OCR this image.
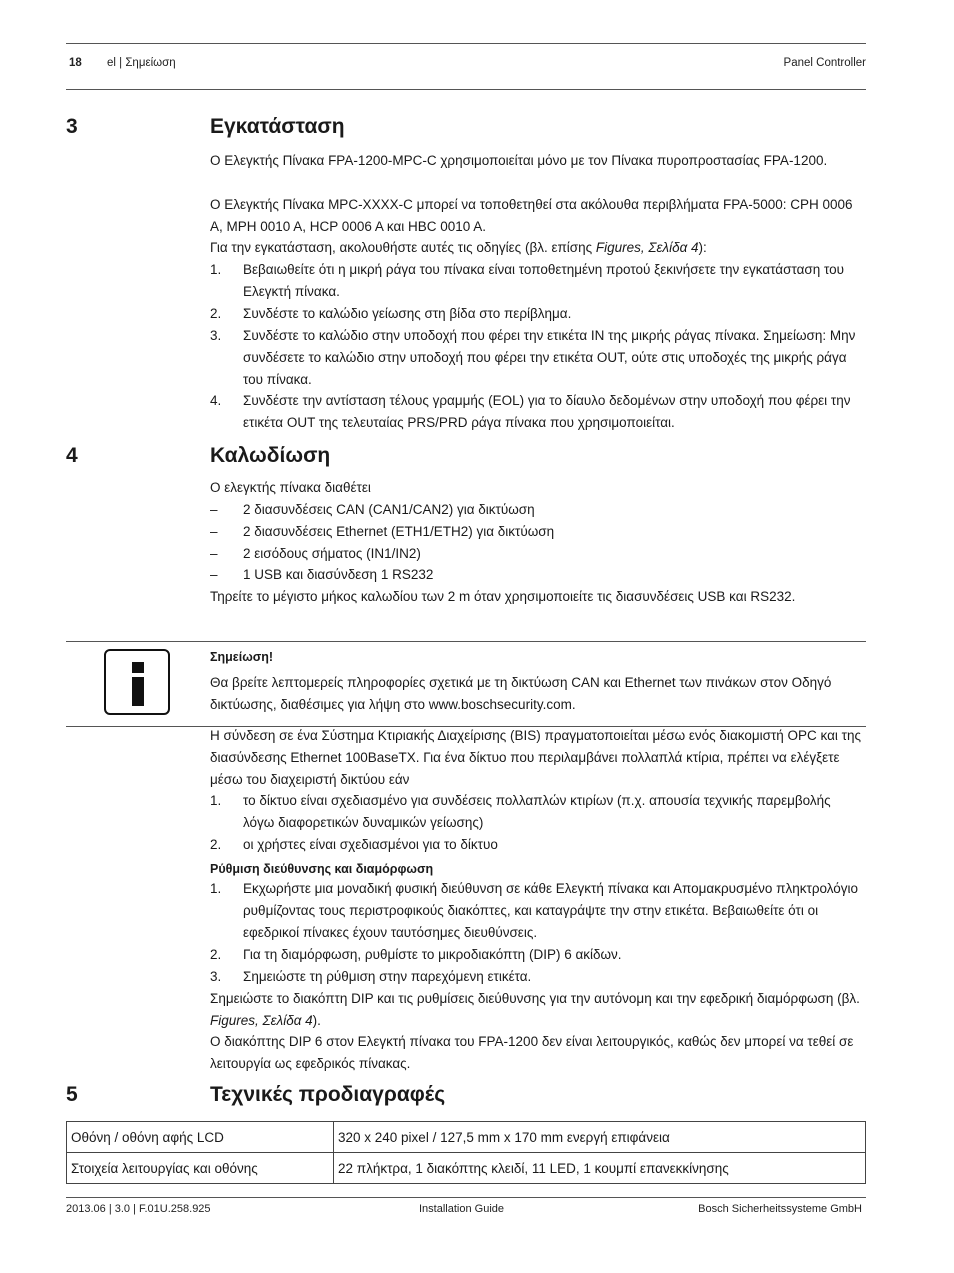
18 el | Σημείωση	Panel Controller
3	Εγκατάσταση

Ο Ελεγκτής Πίνακα FPA-1200-MPC-C χρησιμοποιείται μόνο με τον Πίνακα πυροπροστασίας FPA-1200.

Ο Ελεγκτής Πίνακα MPC-XXXX-C μπορεί να τοποθετηθεί στα ακόλουθα περιβλήματα FPA-5000: CPH 0006 A, MPH 0010 A, HCP 0006 A και HBC 0010 A.

Για την εγκατάσταση, ακολουθήστε αυτές τις οδηγίες (βλ. επίσης Figures, Σελίδα 4):

1. Βεβαιωθείτε ότι η μικρή ράγα του πίνακα είναι τοποθετημένη προτού ξεκινήσετε την εγκατάσταση του Ελεγκτή πίνακα.
2. Συνδέστε το καλώδιο γείωσης στη βίδα στο περίβλημα.
3. Συνδέστε το καλώδιο στην υποδοχή που φέρει την ετικέτα IN της μικρής ράγας πίνακα. Σημείωση: Μην συνδέσετε το καλώδιο στην υποδοχή που φέρει την ετικέτα OUT, ούτε στις υποδοχές της μικρής ράγα του πίνακα.
4. Συνδέστε την αντίσταση τέλους γραμμής (EOL) για το δίαυλο δεδομένων στην υποδοχή που φέρει την ετικέτα OUT της τελευταίας PRS/PRD ράγα πίνακα που χρησιμοποιείται.
4	Καλωδίωση

Ο ελεγκτής πίνακα διαθέτει

– 2 διασυνδέσεις CAN (CAN1/CAN2) για δικτύωση
– 2 διασυνδέσεις Ethernet (ETH1/ETH2) για δικτύωση
– 2 εισόδους σήματος (IN1/IN2)
– 1 USB και διασύνδεση 1 RS232

Τηρείτε το μέγιστο μήκος καλωδίου των 2 m όταν χρησιμοποιείτε τις διασυνδέσεις USB και RS232.

Σημείωση!

Θα βρείτε λεπτομερείς πληροφορίες σχετικά με τη δικτύωση CAN και Ethernet των πινάκων στον Οδηγό δικτύωσης, διαθέσιμες για λήψη στο www.boschsecurity.com.

Η σύνδεση σε ένα Σύστημα Κτιριακής Διαχείρισης (BIS) πραγματοποιείται μέσω ενός διακομιστή OPC και της διασύνδεσης Ethernet 100BaseTX. Για ένα δίκτυο που περιλαμβάνει πολλαπλά κτίρια, πρέπει να ελέγξετε μέσω του διαχειριστή δικτύου εάν

1. το δίκτυο είναι σχεδιασμένο για συνδέσεις πολλαπλών κτιρίων (π.χ. απουσία τεχνικής παρεμβολής λόγω διαφορετικών δυναμικών γείωσης)
2. οι χρήστες είναι σχεδιασμένοι για το δίκτυο
Ρύθμιση διεύθυνσης και διαμόρφωση
1. Εκχωρήστε μια μοναδική φυσική διεύθυνση σε κάθε Ελεγκτή πίνακα και Απομακρυσμένο πληκτρολόγιο ρυθμίζοντας τους περιστροφικούς διακόπτες, και καταγράψτε την στην ετικέτα. Βεβαιωθείτε ότι οι εφεδρικοί πίνακες έχουν ταυτόσημες διευθύνσεις.
2. Για τη διαμόρφωση, ρυθμίστε το μικροδιακόπτη (DIP) 6 ακίδων.
3. Σημειώστε τη ρύθμιση στην παρεχόμενη ετικέτα.

Σημειώστε το διακόπτη DIP και τις ρυθμίσεις διεύθυνσης για την αυτόνομη και την εφεδρική διαμόρφωση (βλ. Figures, Σελίδα 4).

Ο διακόπτης DIP 6 στον Ελεγκτή πίνακα του FPA-1200 δεν είναι λειτουργικός, καθώς δεν μπορεί να τεθεί σε λειτουργία ως εφεδρικός πίνακας.

5	Τεχνικές προδιαγραφές
Οθόνη / οθόνη αφής LCD	320 x 240 pixel / 127,5 mm x 170 mm ενεργή επιφάνεια
Στοιχεία λειτουργίας και οθόνης	22 πλήκτρα, 1 διακόπτης κλειδί, 11 LED, 1 κουμπί επανεκκίνησης
2013.06 | 3.0 | F.01U.258.925	Installation Guide	Bosch Sicherheitssysteme GmbH
